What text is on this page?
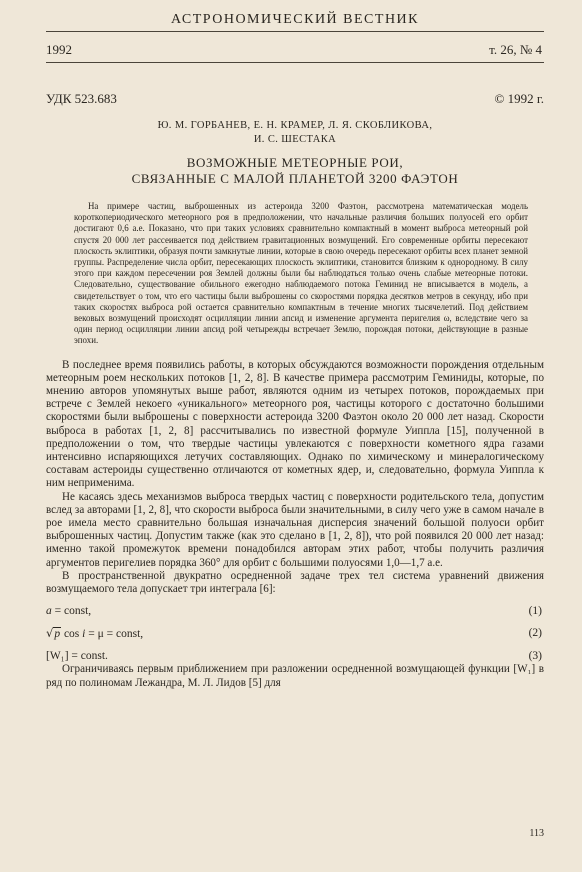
АСТРОНОМИЧЕСКИЙ ВЕСТНИК
1992	т. 26, № 4
УДК 523.683	© 1992 г.
Ю. М. ГОРБАНЕВ, Е. Н. КРАМЕР, Л. Я. СКОБЛИКОВА,
И. С. ШЕСТАКА
ВОЗМОЖНЫЕ МЕТЕОРНЫЕ РОИ,
СВЯЗАННЫЕ С МАЛОЙ ПЛАНЕТОЙ 3200 ФАЭТОН

На примере частиц, выброшенных из астероида 3200 Фаэтон, рассмотрена математическая модель короткопериодического метеорного роя в предположении, что начальные различия больших полуосей его орбит достигают 0,6 а.е. Показано, что при таких условиях сравнительно компактный в момент выброса метеорный рой спустя 20 000 лет рассеивается под действием гравитационных возмущений. Его современные орбиты пересекают плоскость эклиптики, образуя почти замкнутые линии, которые в свою очередь пересекают орбиты всех планет земной группы. Распределение числа орбит, пересекающих плоскость эклиптики, становится близким к однородному. В силу этого при каждом пересечении роя Землей должны были бы наблюдаться только очень слабые метеорные потоки. Следовательно, существование обильного ежегодно наблюдаемого потока Геминид не вписывается в модель, а свидетельствует о том, что его частицы были выброшены со скоростями порядка десятков метров в секунду, ибо при таких скоростях выброса рой остается сравнительно компактным в течение многих тысячелетий. Под действием вековых возмущений происходят осцилляции линии апсид и изменение аргумента перигелия ω, вследствие чего за один период осцилляции линии апсид рой четырежды встречает Землю, порождая потоки, действующие в разные эпохи.

В последнее время появились работы, в которых обсуждаются возможности порождения отдельным метеорным роем нескольких потоков [1, 2, 8]. В качестве примера рассмотрим Геминиды, которые, по мнению авторов упомянутых выше работ, являются одним из четырех потоков, порождаемых при встрече с Землей некоего «уникального» метеорного роя, частицы которого с достаточно большими скоростями были выброшены с поверхности астероида 3200 Фаэтон около 20 000 лет назад. Скорости выброса в работах [1, 2, 8] рассчитывались по известной формуле Уиппла [15], полученной в предположении о том, что твердые частицы увлекаются с поверхности кометного ядра газами интенсивно испаряющихся летучих составляющих. Однако по химическому и минералогическому составам астероиды существенно отличаются от кометных ядер, и, следовательно, формула Уиппла к ним неприменима.

Не касаясь здесь механизмов выброса твердых частиц с поверхности родительского тела, допустим вслед за авторами [1, 2, 8], что скорости выброса были значительными, в силу чего уже в самом начале в рое имела место сравнительно большая изначальная дисперсия значений большой полуоси орбит выброшенных частиц. Допустим также (как это сделано в [1, 2, 8]), что рой появился 20 000 лет назад: именно такой промежуток времени понадобился авторам этих работ, чтобы получить различия аргументов перигелиев порядка 360° для орбит с большими полуосями 1,0—1,7 а.е.

В пространственной двукратно осредненной задаче трех тел система уравнений движения возмущаемого тела допускает три интеграла [6]:

a = const,	(1)
√p cos i = μ = const,	(2)
[W₁] = const.	(3)

Ограничиваясь первым приближением при разложении осредненной возмущающей функции [W₁] в ряд по полиномам Лежандра, М. Л. Лидов [5] для

113
